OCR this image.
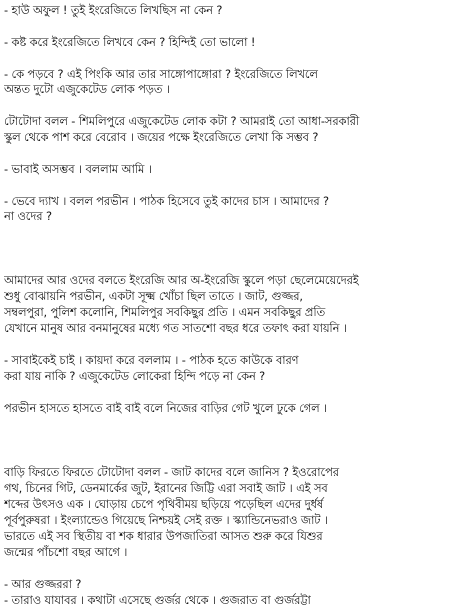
- হাউ অফুল ! তুই ইংরেজিতে লিখছিস না কেন ?
- কষ্ট করে ইংরেজিতে লিখবে কেন ? হিন্দিই তো ভালো !
- কে পড়বে ? এই পিংকি আর তার সাঙ্গোপাঙ্গোরা ? ইংরেজিতে লিখলে
অন্তত দুটো এজুকেটেড লোক পড়ত ।
টোটোদা বলল - শিমলিপুরে এজুকেটেড লোক কটা ? আমরাই তো আধা-সরকারী
স্কুল থেকে পাশ করে বেরোব । জয়ের পক্ষে ইংরেজিতে লেখা কি সম্ভব ?
- ভাবাই অসম্ভব । বললাম আমি ।
- ভেবে দ্যাখ । বলল পরভীন । পাঠক হিসেবে তুই কাদের চাস । আমাদের ?
না ওদের ?
আমাদের আর ওদের বলতে ইংরেজি আর অ-ইংরেজি স্কুলে পড়া ছেলেমেয়েদেরই
শুধু বোঝায়নি পরভীন, একটা সূক্ষ্ম খোঁচা ছিল তাতে । জাট, গুজ্জর,
সম্বলপুরা, পুলিশ কলোনি, শিমলিপুর সবকিছুর প্রতি । এমন সবকিছুর প্রতি
যেখানে মানুষ আর বনমানুষের মধ্যে গত সাতশো বছর ধরে তফাৎ করা যায়নি ।
- সাবাইকেই চাই । কায়দা করে বললাম । - পাঠক হতে কাউকে বারণ
করা যায় নাকি ? এজুকেটেড লোকেরা হিন্দি পড়ে না কেন ?
পরভীন হাসতে হাসতে বাই বাই বলে নিজের বাড়ির গেট খুলে ঢুকে গেল ।
বাড়ি ফিরতে ফিরতে টোটোদা বলল - জাট কাদের বলে জানিস ? ইওরোপের
গথ, চিনের গিট, ডেনমার্কের জুট, ইরানের জিট্টি এরা সবাই জাট । এই সব
শব্দের উৎসও এক । ঘোড়ায় চেপে পৃথিবীময় ছড়িয়ে পড়েছিল এদের দুর্ধর্ষ
পূর্বপুরুষরা । ইংল্যান্ডেও গিয়েছে নিশ্চয়ই সেই রক্ত । স্ক্যান্ডিনেভরাও জাট ।
ভারতে এই সব স্থিতীয় বা শক ধারার উপজাতিরা আসত শুরু করে যিশুর
জন্মের পাঁচশো বছর আগে ।
- আর গুজ্জররা ?
- তারাও যাযাবর । কথাটা এসেছে গুর্জর থেকে । গুজরাত বা গুর্জরট্টা
